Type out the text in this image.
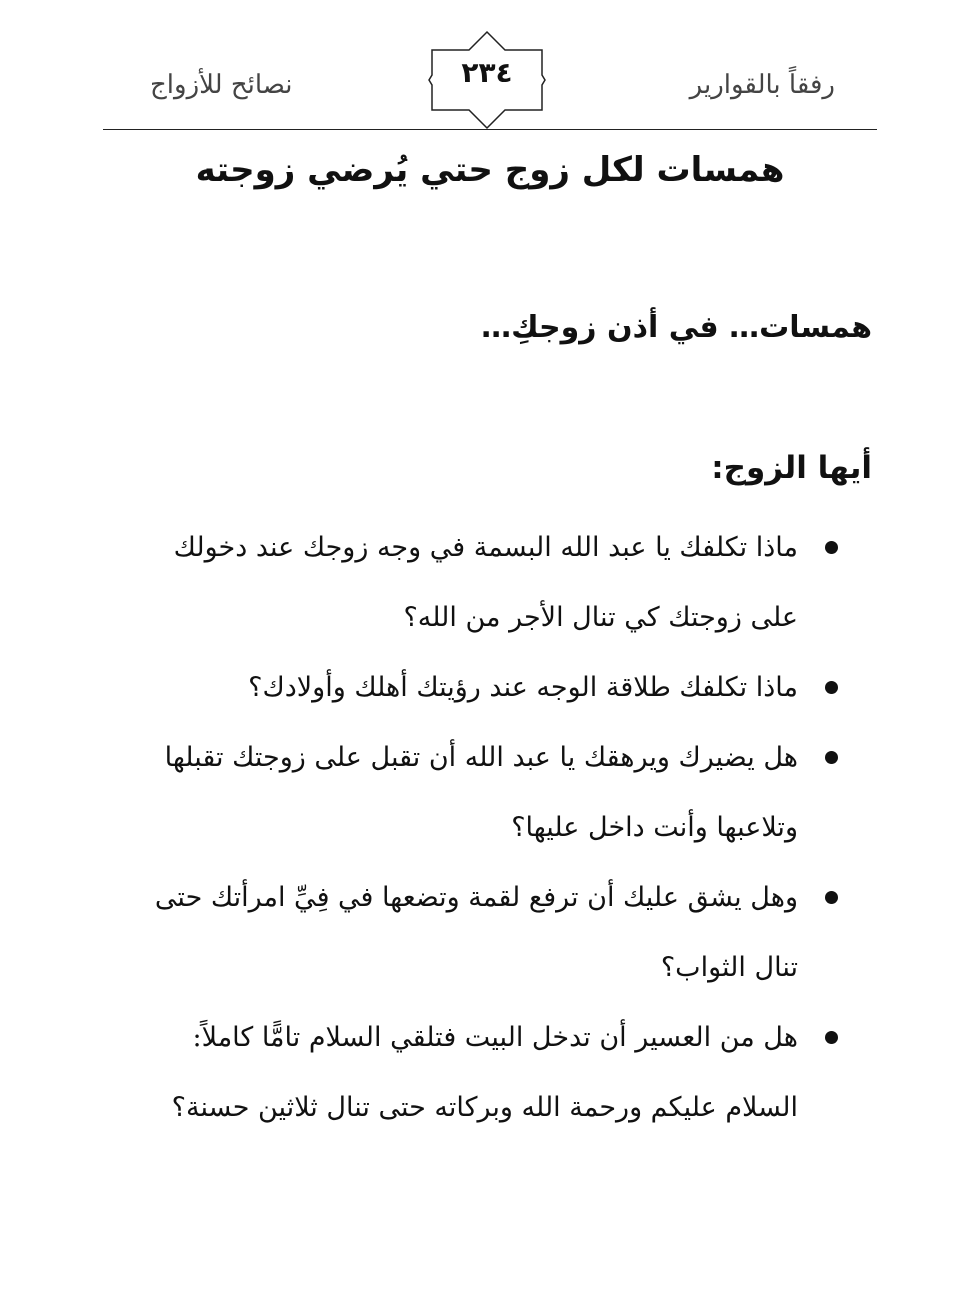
رفقاً بالقوارير
٢٣٤
نصائح للأزواج
همسات لكل زوج حتي يُرضي زوجته
همسات… في أذن زوجكِ…
أيها الزوج:
ماذا تكلفك يا عبد الله البسمة في وجه زوجك عند دخولك على زوجتك كي تنال الأجر من الله؟
ماذا تكلفك طلاقة الوجه عند رؤيتك أهلك وأولادك؟
هل يضيرك ويرهقك يا عبد الله أن تقبل على زوجتك تقبلها وتلاعبها وأنت داخل عليها؟
وهل يشق عليك أن ترفع لقمة وتضعها في فِيِّ امرأتك حتى تنال الثواب؟
هل من العسير أن تدخل البيت فتلقي السلام تامًّا كاملاً: السلام عليكم ورحمة الله وبركاته حتى تنال ثلاثين حسنة؟
